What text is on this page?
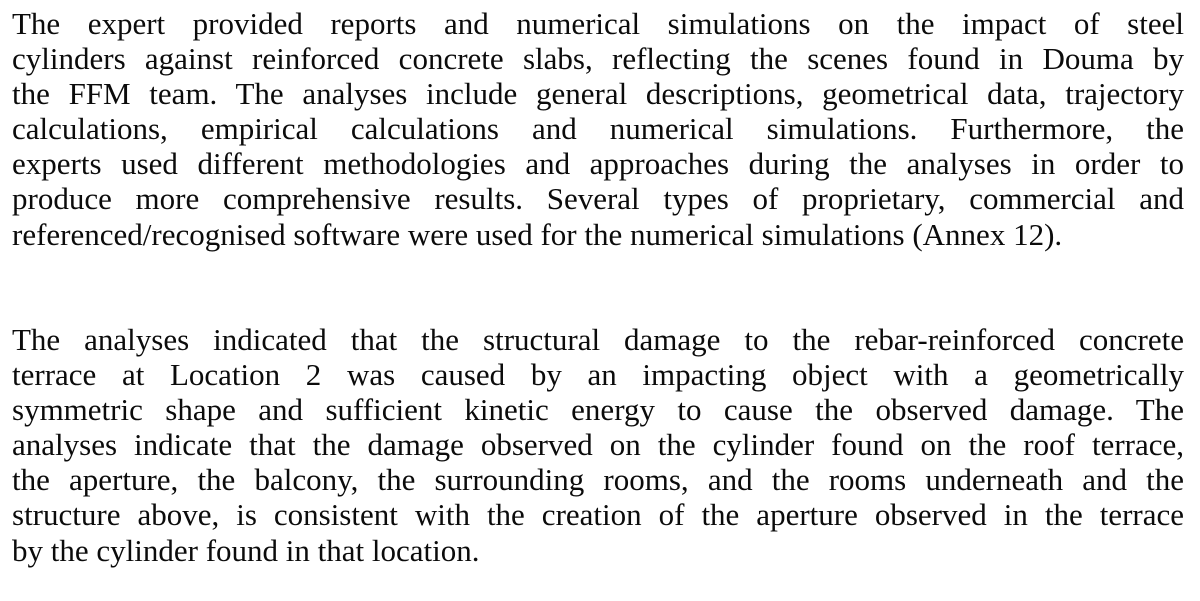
The expert provided reports and numerical simulations on the impact of steel
cylinders against reinforced concrete slabs, reflecting the scenes found in Douma by
the FFM team. The analyses include general descriptions, geometrical data, trajectory
calculations, empirical calculations and numerical simulations. Furthermore, the
experts used different methodologies and approaches during the analyses in order to
produce more comprehensive results. Several types of proprietary, commercial and
referenced/recognised software were used for the numerical simulations (Annex 12).

The analyses indicated that the structural damage to the rebar-reinforced concrete
terrace at Location 2 was caused by an impacting object with a geometrically
symmetric shape and sufficient kinetic energy to cause the observed damage. The
analyses indicate that the damage observed on the cylinder found on the roof terrace,
the aperture, the balcony, the surrounding rooms, and the rooms underneath and the
structure above, is consistent with the creation of the aperture observed in the terrace
by the cylinder found in that location.
